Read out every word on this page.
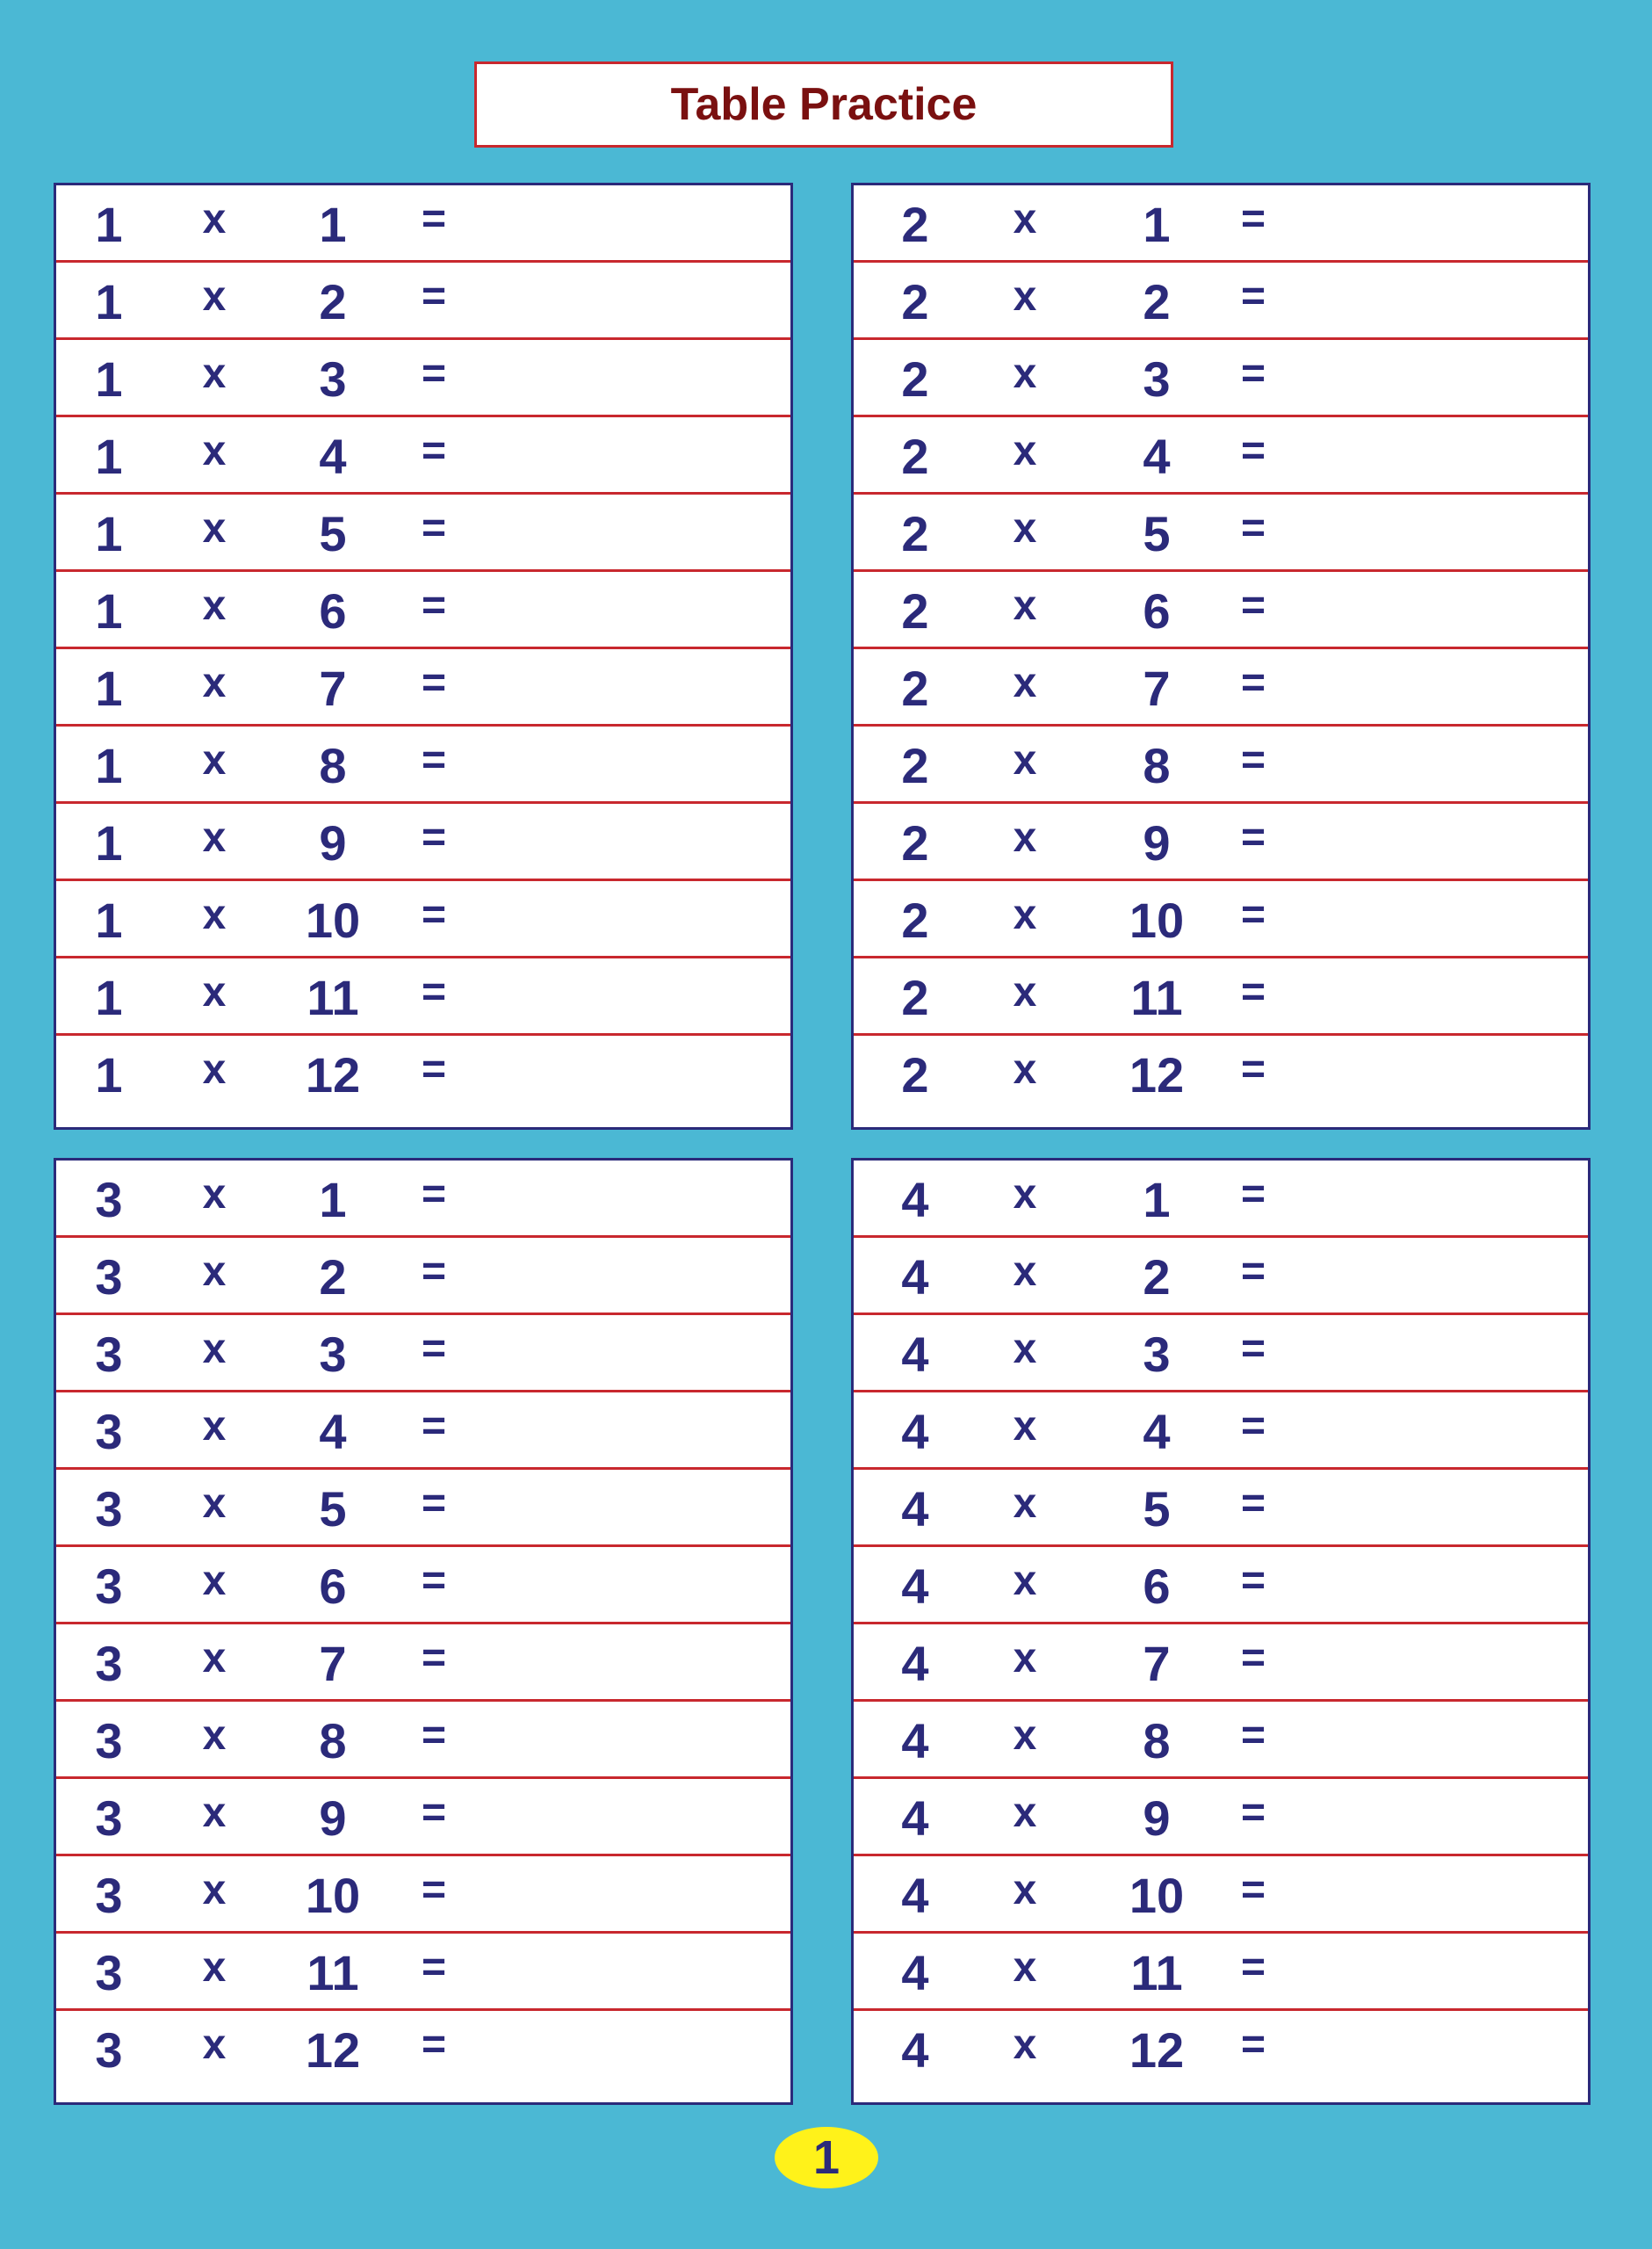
Table Practice
1	x	1	=
1	x	2	=
1	x	3	=
1	x	4	=
1	x	5	=
1	x	6	=
1	x	7	=
1	x	8	=
1	x	9	=
1	x	10	=
1	x	11	=
1	x	12	=
2	x	1	=
2	x	2	=
2	x	3	=
2	x	4	=
2	x	5	=
2	x	6	=
2	x	7	=
2	x	8	=
2	x	9	=
2	x	10	=
2	x	11	=
2	x	12	=
3	x	1	=
3	x	2	=
3	x	3	=
3	x	4	=
3	x	5	=
3	x	6	=
3	x	7	=
3	x	8	=
3	x	9	=
3	x	10	=
3	x	11	=
3	x	12	=
4	x	1	=
4	x	2	=
4	x	3	=
4	x	4	=
4	x	5	=
4	x	6	=
4	x	7	=
4	x	8	=
4	x	9	=
4	x	10	=
4	x	11	=
4	x	12	=
1
